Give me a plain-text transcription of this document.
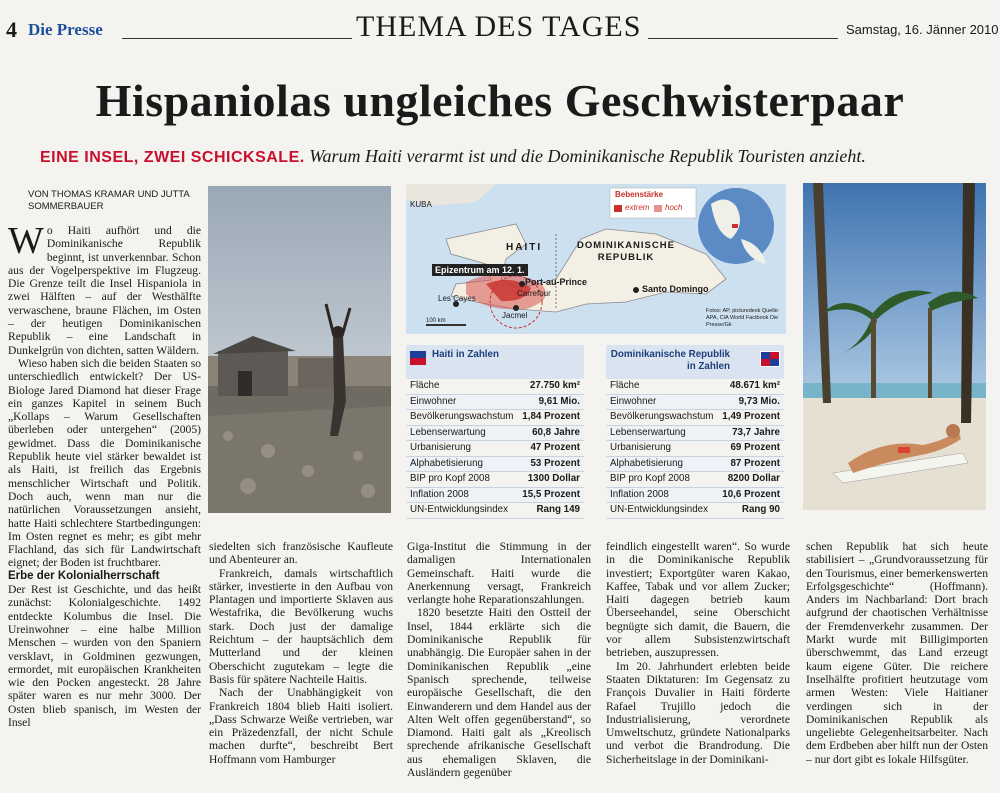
4 Die Presse	THEMA DES TAGES	Samstag, 16. Jänner 2010
Hispaniolas ungleiches Geschwisterpaar
EINE INSEL, ZWEI SCHICKSALE. Warum Haiti verarmt ist und die Dominikanische Republik Touristen anzieht.
VON THOMAS KRAMAR UND JUTTA SOMMERBAUER

Wo Haiti aufhört und die Dominikanische Republik beginnt, ist unverkennbar. Schon aus der Vogelperspektive im Flugzeug. Die Grenze teilt die Insel Hispaniola in zwei Hälften – auf der Westhälfte verwaschene, braune Flächen, im Osten – der heutigen Dominikanischen Republik – eine Landschaft in Dunkelgrün von dichten, satten Wäldern.

Wieso haben sich die beiden Staaten so unterschiedlich entwickelt? Der US-Biologe Jared Diamond hat dieser Frage ein ganzes Kapitel in seinem Buch „Kollaps – Warum Gesellschaften überleben oder untergehen“ (2005) gewidmet. Dass die Dominikanische Republik heute viel stärker bewaldet ist als Haiti, ist freilich das Ergebnis menschlicher Wirtschaft und Politik. Doch auch, wenn man nur die natürlichen Voraussetzungen ansieht, hatte Haiti schlechtere Startbedingungen: Im Osten regnet es mehr; es gibt mehr Flachland, das sich für Landwirtschaft eignet; der Boden ist fruchtbarer.

Erbe der Kolonialherrschaft

Der Rest ist Geschichte, und das heißt zunächst: Kolonialgeschichte. 1492 entdeckte Kolumbus die Insel. Die Ureinwohner – eine halbe Million Menschen – wurden von den Spaniern versklavt, in Goldminen gezwungen, ermordet, mit europäischen Krankheiten wie den Pocken angesteckt. 28 Jahre später waren es nur mehr 3000. Der Osten blieb spanisch, im Westen der Insel

KUBA
Bebenstärke
extrem hoch
HAITI	DOMINIKANISCHE REPUBLIK
Epizentrum am 12. 1.
Port-au-Prince
Carrefour
Les Cayes
Jacmel
Santo Domingo
100 km
Fotos: AP, picturedesk Quelle: APA, CIA World Factbook Die Presse/Gk
Haiti in Zahlen
Fläche	27.750 km²
Einwohner	9,61 Mio.
Bevölkerungswachstum 1,84 Prozent
Lebenserwartung	60,8 Jahre
Urbanisierung	47 Prozent
Alphabetisierung	53 Prozent
BIP pro Kopf 2008	1300 Dollar
Inflation 2008	15,5 Prozent
UN-Entwicklungsindex	Rang 149
Dominikanische Republik in Zahlen
Fläche	48.671 km²
Einwohner	9,73 Mio.
Bevölkerungswachstum 1,49 Prozent
Lebenserwartung	73,7 Jahre
Urbanisierung	69 Prozent
Alphabetisierung	87 Prozent
BIP pro Kopf 2008	8200 Dollar
Inflation 2008	10,6 Prozent
UN-Entwicklungsindex	Rang 90

siedelten sich französische Kaufleute und Abenteurer an.

Frankreich, damals wirtschaftlich stärker, investierte in den Aufbau von Plantagen und importierte Sklaven aus Westafrika, die Bevölkerung wuchs stark. Doch just der damalige Reichtum – der hauptsächlich dem Mutterland und der kleinen Oberschicht zugutekam – legte die Basis für spätere Nachteile Haitis.

Nach der Unabhängigkeit von Frankreich 1804 blieb Haiti isoliert. „Dass Schwarze Weiße vertrieben, war ein Präzedenzfall, der nicht Schule machen durfte“, beschreibt Bert Hoffmann vom Hamburger

Giga-Institut die Stimmung in der damaligen Internationalen Gemeinschaft. Haiti wurde die Anerkennung versagt, Frankreich verlangte hohe Reparationszahlungen.

1820 besetzte Haiti den Ostteil der Insel, 1844 erklärte sich die Dominikanische Republik für unabhängig. Die Europäer sahen in der Dominikanischen Republik „eine Spanisch sprechende, teilweise europäische Gesellschaft, die den Einwanderern und dem Handel aus der Alten Welt offen gegenüberstand“, so Diamond. Haiti galt als „Kreolisch sprechende afrikanische Gesellschaft aus ehemaligen Sklaven, die Ausländern gegenüber

feindlich eingestellt waren“. So wurde in die Dominikanische Republik investiert; Exportgüter waren Kakao, Kaffee, Tabak und vor allem Zucker; Haiti dagegen betrieb kaum Überseehandel, seine Oberschicht begnügte sich damit, die Bauern, die vor allem Subsistenzwirtschaft betrieben, auszupressen.

Im 20. Jahrhundert erlebten beide Staaten Diktaturen: Im Gegensatz zu François Duvalier in Haiti förderte Rafael Trujillo jedoch die Industrialisierung, verordnete Umweltschutz, gründete Nationalparks und verbot die Brandrodung. Die Sicherheitslage in der Dominikani-

schen Republik hat sich heute stabilisiert – „Grundvoraussetzung für den Tourismus, einer bemerkenswerten Erfolgsgeschichte“ (Hoffmann). Anders im Nachbarland: Dort brach aufgrund der chaotischen Verhältnisse der Fremdenverkehr zusammen. Der Markt wurde mit Billigimporten überschwemmt, das Land erzeugt kaum eigene Güter. Die reichere Inselhälfte profitiert heutzutage vom armen Westen: Viele Haitianer verdingen sich in der Dominikanischen Republik als ungeliebte Gelegenheitsarbeiter. Nach dem Erdbeben aber hilft nun der Osten – nur dort gibt es lokale Hilfsgüter.
